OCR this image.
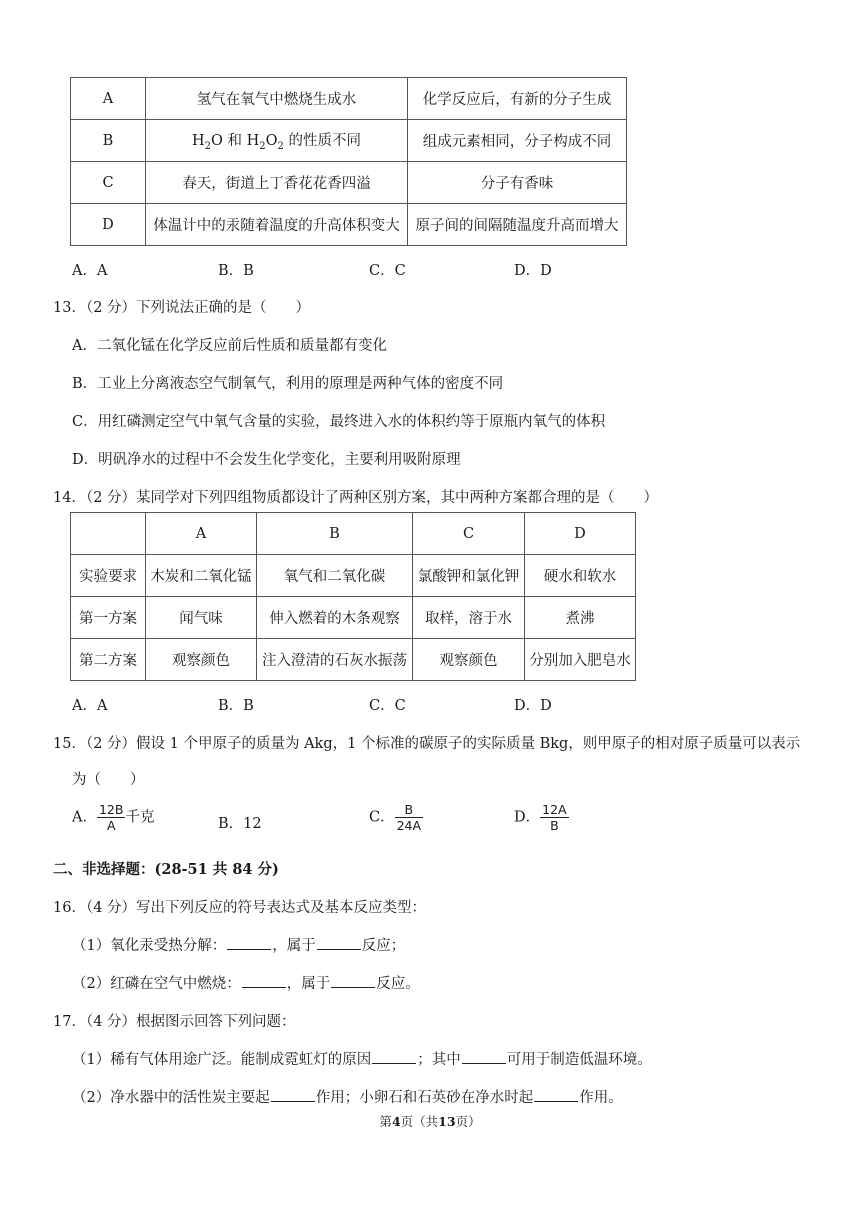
A	氢气在氧气中燃烧生成水	化学反应后，有新的分子生成
B	$H_2O$ 和 $H_2O_2$ 的性质不同	组成元素相同，分子构成不同
C	春天，街道上丁香花花香四溢	分子有香味
D	体温计中的汞随着温度的升高体积变大	原子间的间隔随温度升高而增大
A．A	B．B	C．C	D．D
13．（2 分）下列说法正确的是（　　）
A．二氧化锰在化学反应前后性质和质量都有变化
B．工业上分离液态空气制氧气，利用的原理是两种气体的密度不同
C．用红磷测定空气中氧气含量的实验，最终进入水的体积约等于原瓶内氧气的体积
D．明矾净水的过程中不会发生化学变化，主要利用吸附原理
14．（2 分）某同学对下列四组物质都设计了两种区别方案，其中两种方案都合理的是（　　）
	A	B	C	D
实验要求	木炭和二氧化锰	氧气和二氧化碳	氯酸钾和氯化钾	硬水和软水
第一方案	闻气味	伸入燃着的木条观察	取样，溶于水	煮沸
第二方案	观察颜色	注入澄清的石灰水振荡	观察颜色	分别加入肥皂水
A．A	B．B	C．C	D．D
15．（2 分）假设 1 个甲原子的质量为 Akg，1 个标准的碳原子的实际质量 Bkg，则甲原子的相对原子质量可以表示
为（　　）
A． $\frac{12B}{A}$ 千克	B．12	C． $\frac{B}{24A}$	D． $\frac{12A}{B}$
二、非选择题：(28-51 共 84 分)
16．（4 分）写出下列反应的符号表达式及基本反应类型：
（1）氧化汞受热分解：	，属于	反应；
（2）红磷在空气中燃烧：	，属于	反应。
17．（4 分）根据图示回答下列问题：
（1）稀有气体用途广泛。能制成霓虹灯的原因	；其中	可用于制造低温环境。
（2）净水器中的活性炭主要起	作用；小卵石和石英砂在净水时起	作用。
第4页（共13页）
